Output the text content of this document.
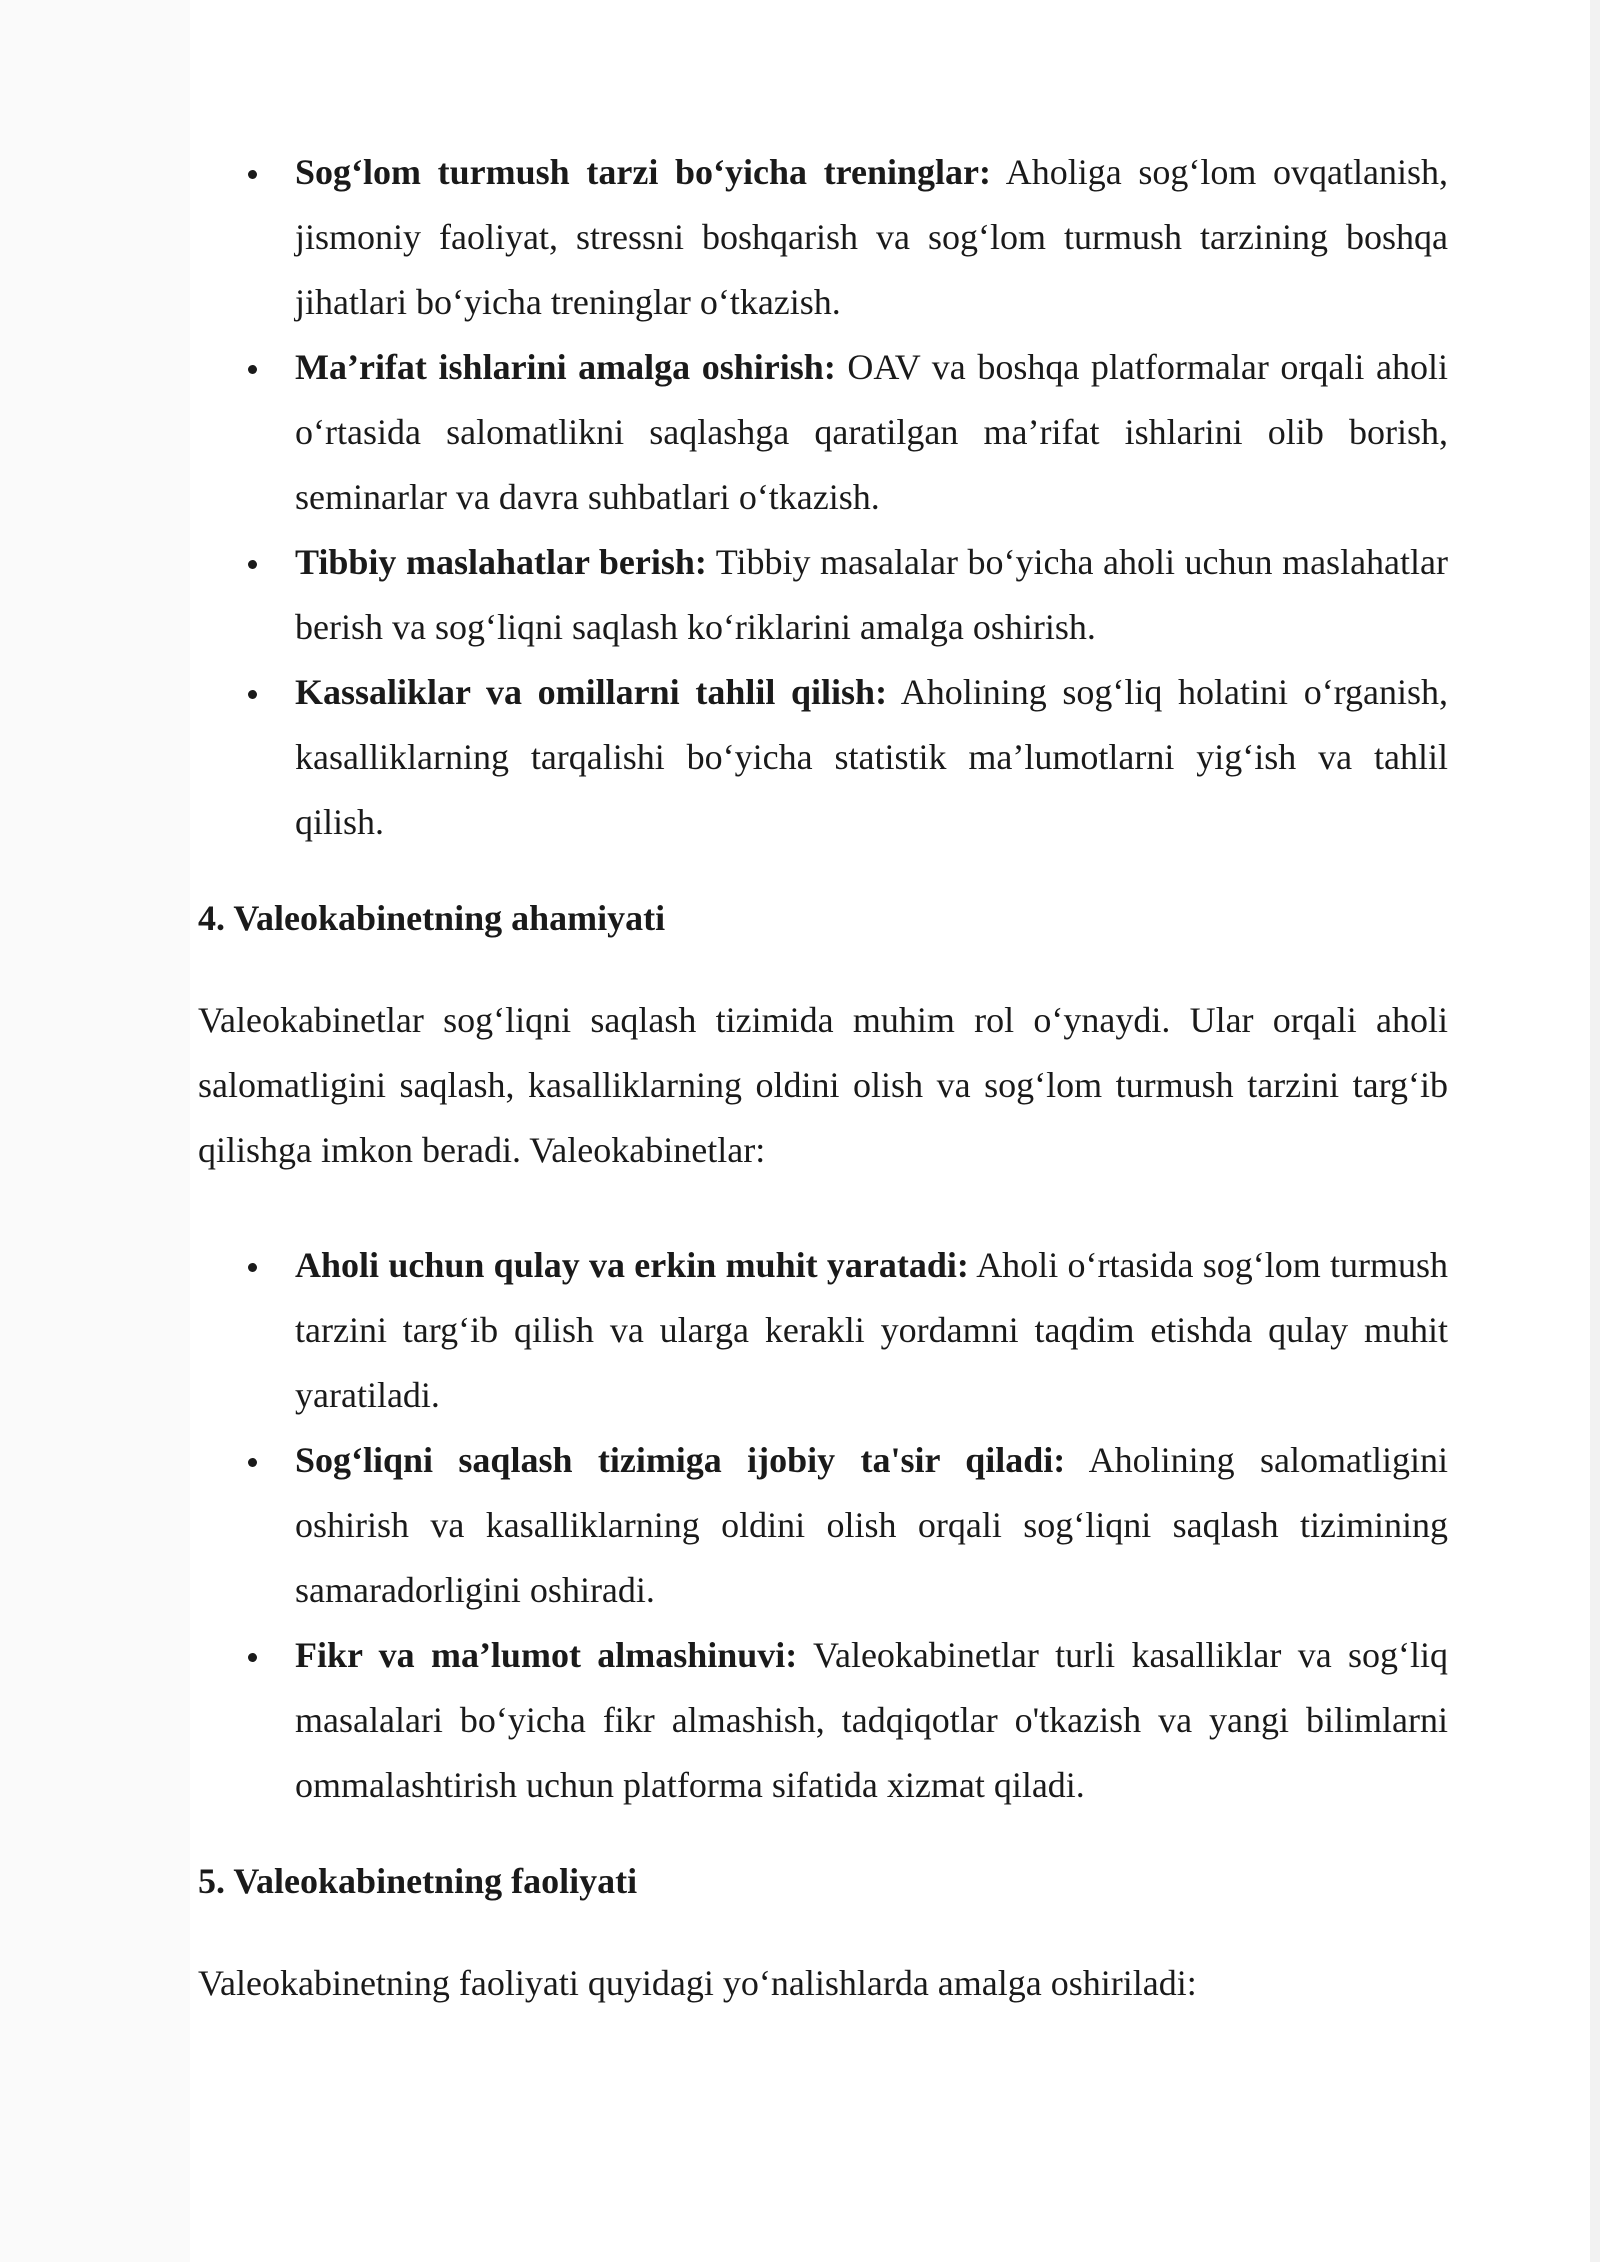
Sog‘lom turmush tarzi bo‘yicha treninglar: Aholiga sog‘lom ovqatlanish, jismoniy faoliyat, stressni boshqarish va sog‘lom turmush tarzining boshqa jihatlari bo‘yicha treninglar o‘tkazish.
Ma’rifat ishlarini amalga oshirish: OAV va boshqa platformalar orqali aholi o‘rtasida salomatlikni saqlashga qaratilgan ma’rifat ishlarini olib borish, seminarlar va davra suhbatlari o‘tkazish.
Tibbiy maslahatlar berish: Tibbiy masalalar bo‘yicha aholi uchun maslahatlar berish va sog‘liqni saqlash ko‘riklarini amalga oshirish.
Kassaliklar va omillarni tahlil qilish: Aholining sog‘liq holatini o‘rganish, kasalliklarning tarqalishi bo‘yicha statistik ma’lumotlarni yig‘ish va tahlil qilish.
4. Valeokabinetning ahamiyati

Valeokabinetlar sog‘liqni saqlash tizimida muhim rol o‘ynaydi. Ular orqali aholi salomatligini saqlash, kasalliklarning oldini olish va sog‘lom turmush tarzini targ‘ib qilishga imkon beradi. Valeokabinetlar:

Aholi uchun qulay va erkin muhit yaratadi: Aholi o‘rtasida sog‘lom turmush tarzini targ‘ib qilish va ularga kerakli yordamni taqdim etishda qulay muhit yaratiladi.
Sog‘liqni saqlash tizimiga ijobiy ta'sir qiladi: Aholining salomatligini oshirish va kasalliklarning oldini olish orqali sog‘liqni saqlash tizimining samaradorligini oshiradi.
Fikr va ma’lumot almashinuvi: Valeokabinetlar turli kasalliklar va sog‘liq masalalari bo‘yicha fikr almashish, tadqiqotlar o'tkazish va yangi bilimlarni ommalashtirish uchun platforma sifatida xizmat qiladi.
5. Valeokabinetning faoliyati

Valeokabinetning faoliyati quyidagi yo‘nalishlarda amalga oshiriladi:
